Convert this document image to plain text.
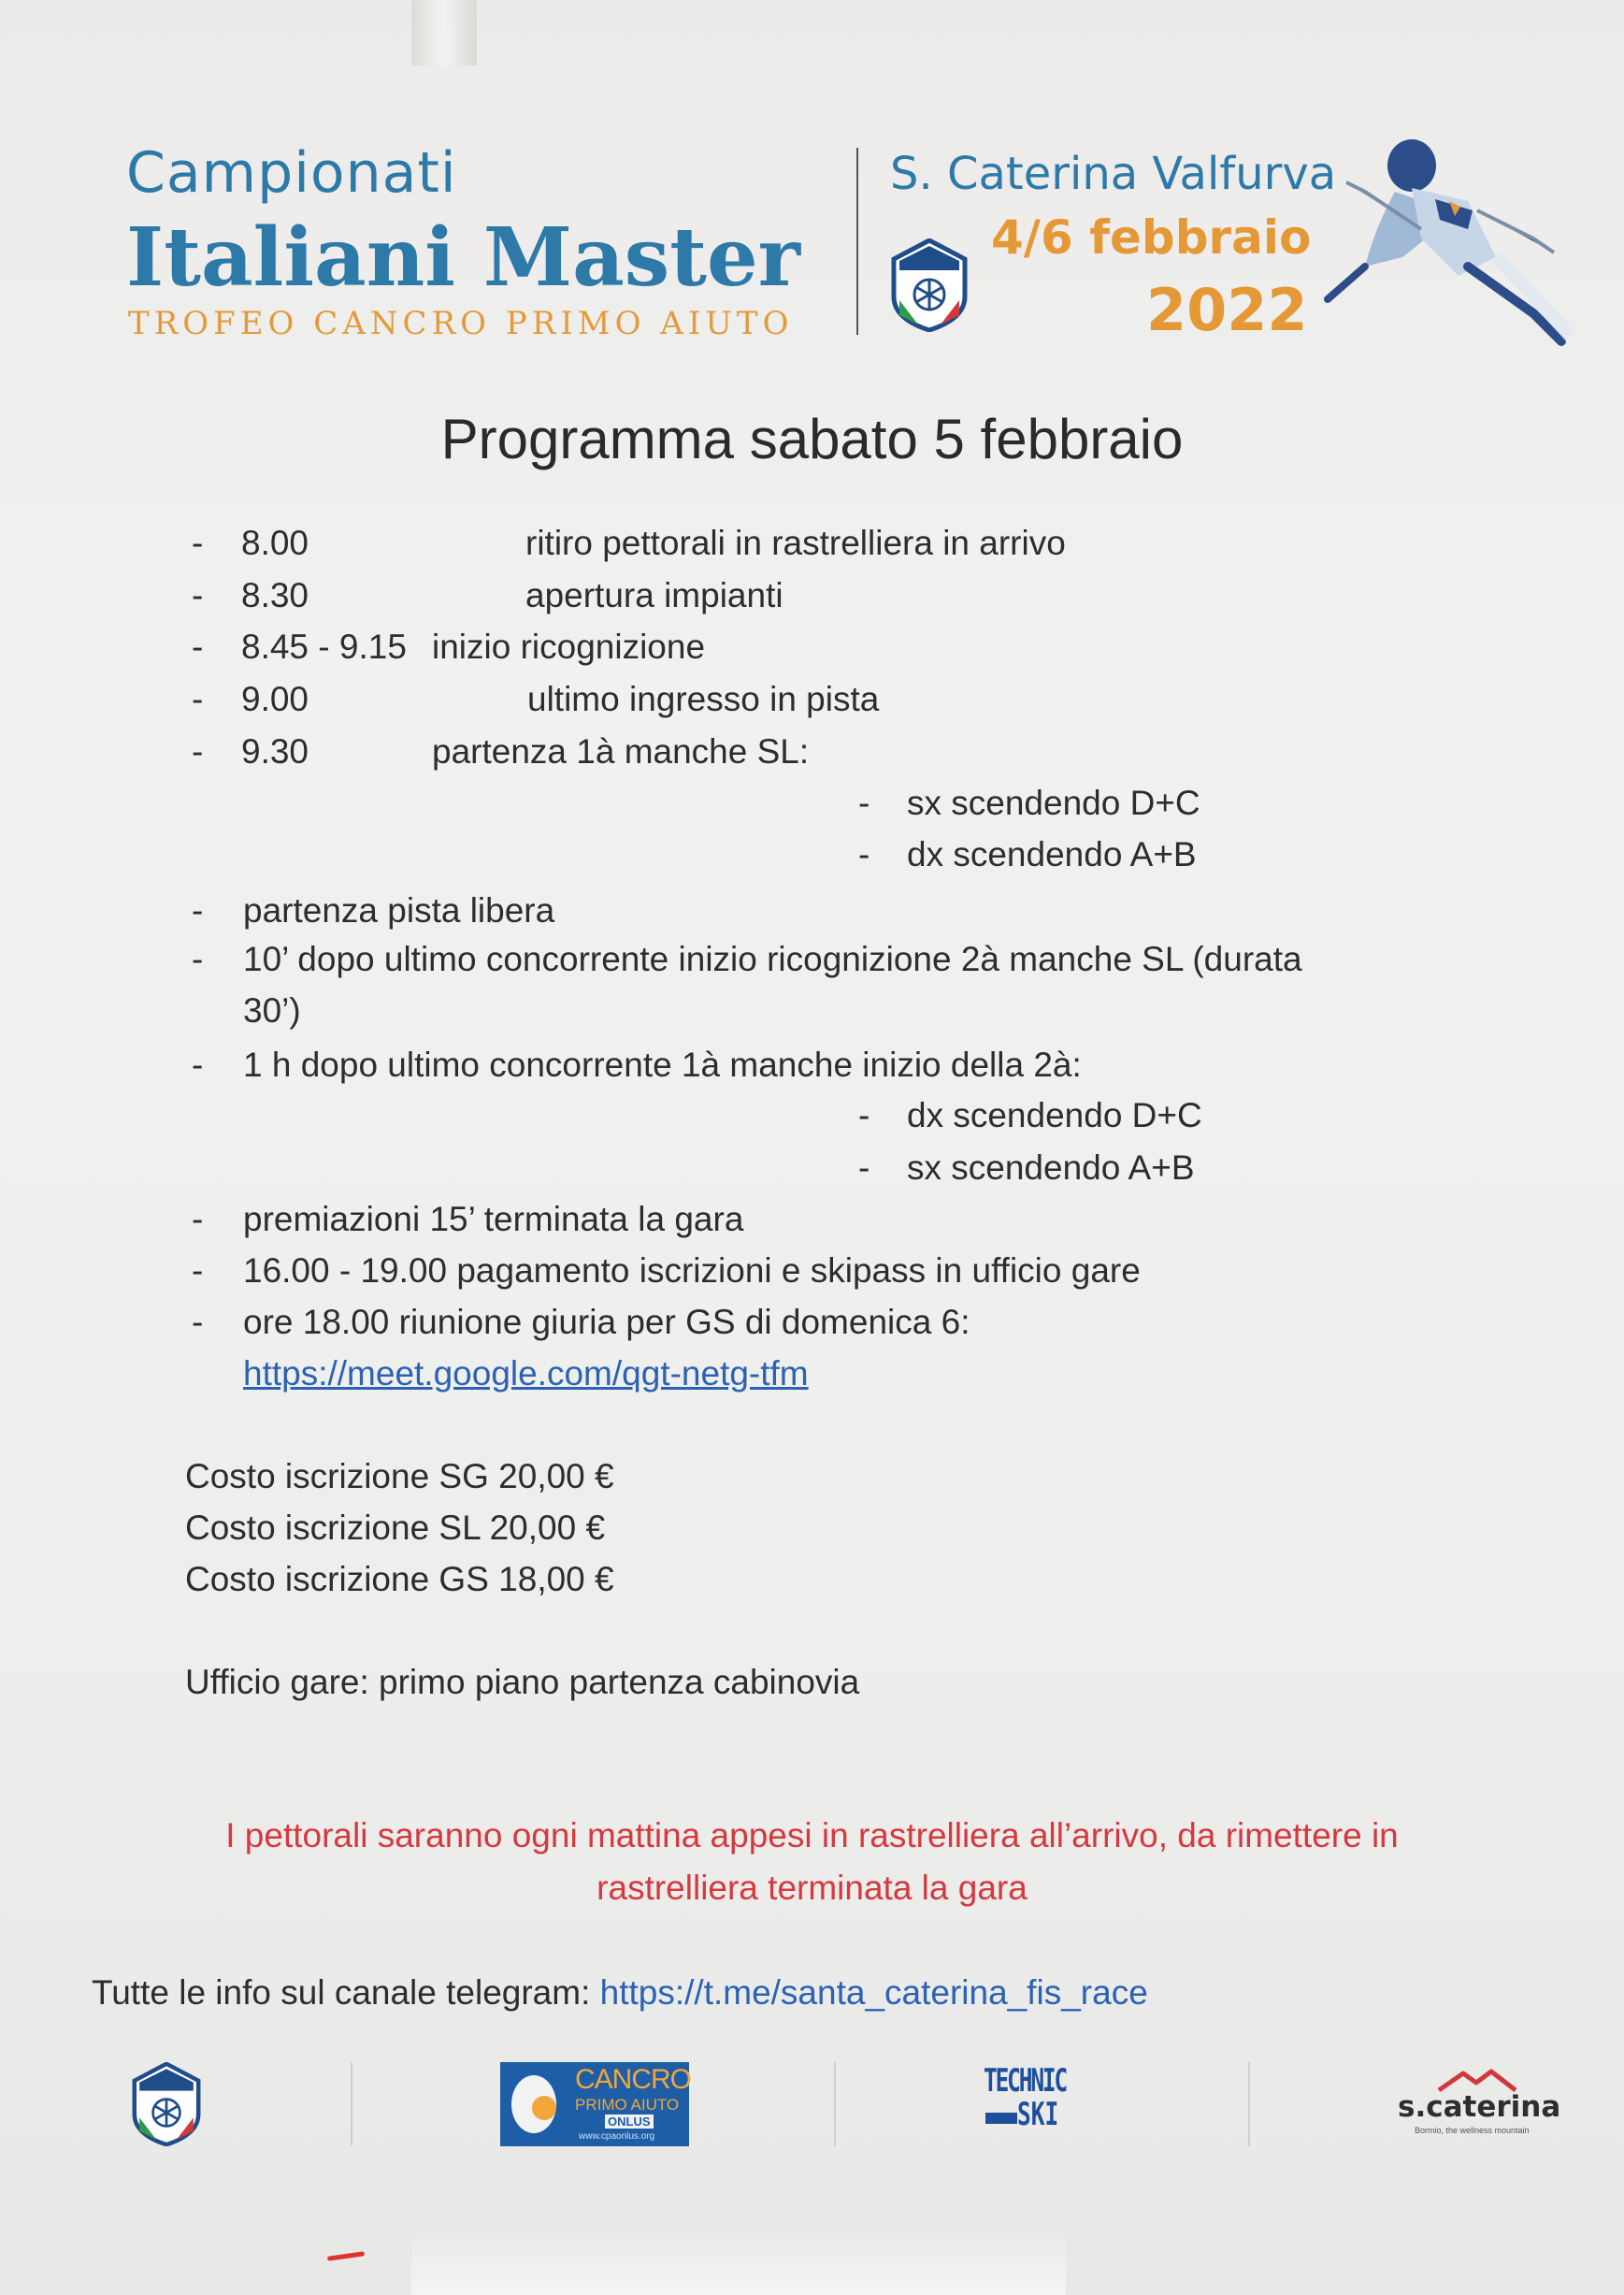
Campionati
Italiani Master
TROFEO CANCRO PRIMO AIUTO
S. Caterina Valfurva
4/6 febbraio
2022
Programma sabato 5 febbraio
- 8.00	ritiro pettorali in rastrelliera in arrivo
- 8.30	apertura impianti
- 8.45 - 9.15 inizio ricognizione
- 9.00	ultimo ingresso in pista
- 9.30	partenza 1à manche SL:
- sx scendendo D+C
- dx scendendo A+B
- partenza pista libera
- 10’ dopo ultimo concorrente inizio ricognizione 2à manche SL (durata
30’)
- 1 h dopo ultimo concorrente 1à manche inizio della 2à:
- dx scendendo D+C
- sx scendendo A+B
- premiazioni 15’ terminata la gara
- 16.00 - 19.00 pagamento iscrizioni e skipass in ufficio gare
- ore 18.00 riunione giuria per GS di domenica 6:
https://meet.google.com/qgt-netg-tfm
Costo iscrizione SG 20,00 €
Costo iscrizione SL 20,00 €
Costo iscrizione GS 18,00 €
Ufficio gare: primo piano partenza cabinovia
I pettorali saranno ogni mattina appesi in rastrelliera all’arrivo, da rimettere in
rastrelliera terminata la gara
Tutte le info sul canale telegram: https://t.me/santa_caterina_fis_race
CANCRO
PRIMO AIUTO
ONLUS
www.cpaonlus.org
TECHNIC
SKI	s.caterina
Bormio, the wellness mountain
